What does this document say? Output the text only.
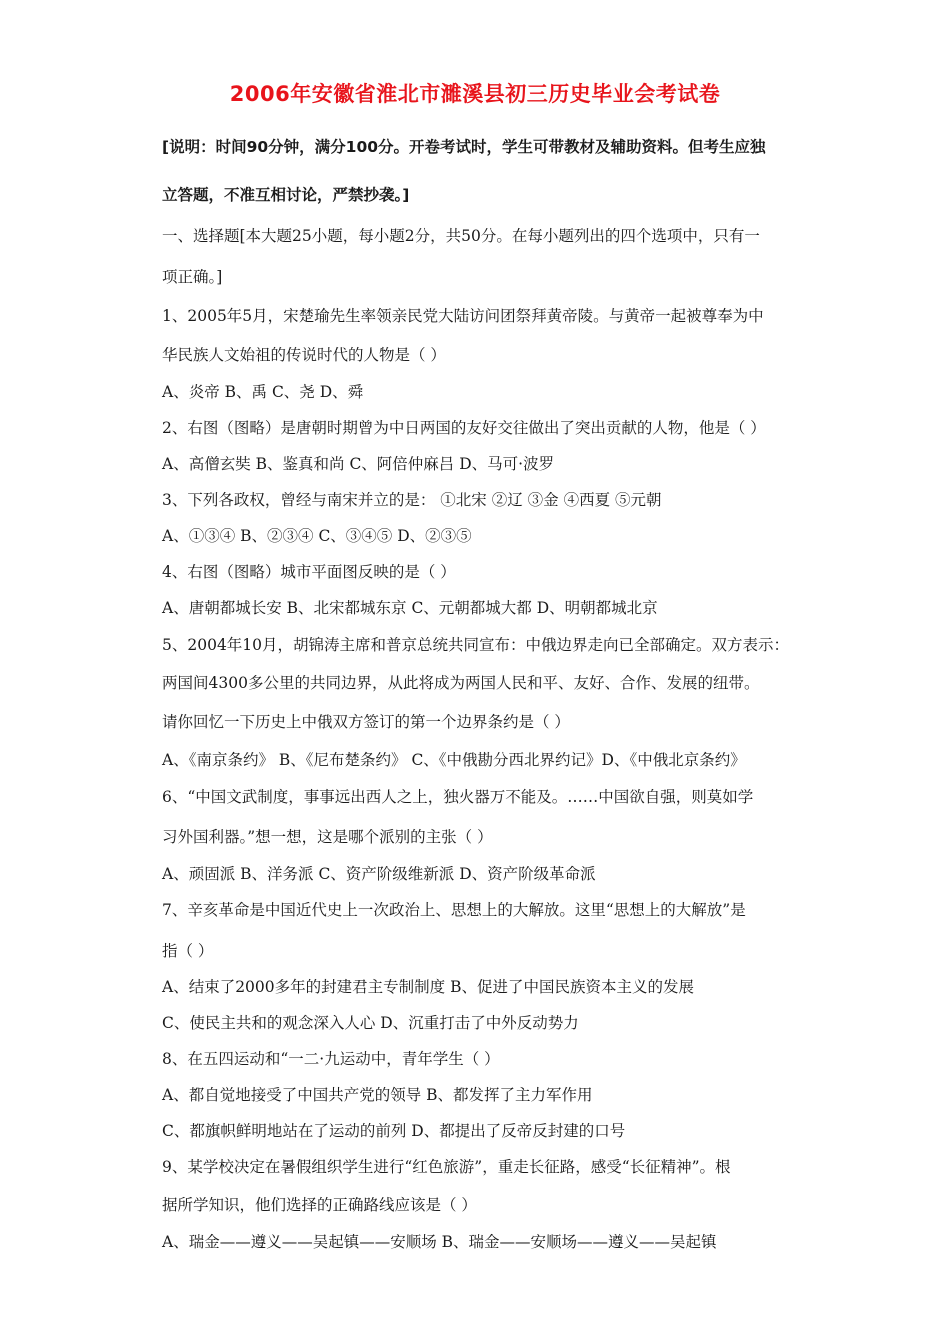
2006年安徽省淮北市濉溪县初三历史毕业会考试卷
[说明：时间90分钟，满分100分。开卷考试时，学生可带教材及辅助资料。但考生应独
立答题，不准互相讨论，严禁抄袭。]
一、选择题[本大题25小题，每小题2分，共50分。在每小题列出的四个选项中，只有一
项正确。]
1、2005年5月，宋楚瑜先生率领亲民党大陆访问团祭拜黄帝陵。与黄帝一起被尊奉为中
华民族人文始祖的传说时代的人物是（ ）
A、炎帝 B、禹 C、尧 D、舜
2、右图（图略）是唐朝时期曾为中日两国的友好交往做出了突出贡献的人物，他是（ ）
A、高僧玄奘 B、鉴真和尚 C、阿倍仲麻吕 D、马可·波罗
3、下列各政权，曾经与南宋并立的是： ①北宋 ②辽 ③金 ④西夏 ⑤元朝
A、①③④ B、②③④ C、③④⑤ D、②③⑤
4、右图（图略）城市平面图反映的是（ ）
A、唐朝都城长安 B、北宋都城东京 C、元朝都城大都 D、明朝都城北京
5、2004年10月，胡锦涛主席和普京总统共同宣布：中俄边界走向已全部确定。双方表示：
两国间4300多公里的共同边界，从此将成为两国人民和平、友好、合作、发展的纽带。
请你回忆一下历史上中俄双方签订的第一个边界条约是（ ）
A、《南京条约》 B、《尼布楚条约》 C、《中俄勘分西北界约记》D、《中俄北京条约》
6、“中国文武制度，事事远出西人之上，独火器万不能及。……中国欲自强，则莫如学
习外国利器。”想一想，这是哪个派别的主张（ ）
A、顽固派 B、洋务派 C、资产阶级维新派 D、资产阶级革命派
7、辛亥革命是中国近代史上一次政治上、思想上的大解放。这里“思想上的大解放”是
指（ ）
A、结束了2000多年的封建君主专制制度 B、促进了中国民族资本主义的发展
C、使民主共和的观念深入人心 D、沉重打击了中外反动势力
8、在五四运动和“一二·九运动中，青年学生（ ）
A、都自觉地接受了中国共产党的领导 B、都发挥了主力军作用
C、都旗帜鲜明地站在了运动的前列 D、都提出了反帝反封建的口号
9、某学校决定在暑假组织学生进行“红色旅游”，重走长征路，感受“长征精神”。根
据所学知识，他们选择的正确路线应该是（ ）
A、瑞金——遵义——吴起镇——安顺场 B、瑞金——安顺场——遵义——吴起镇
